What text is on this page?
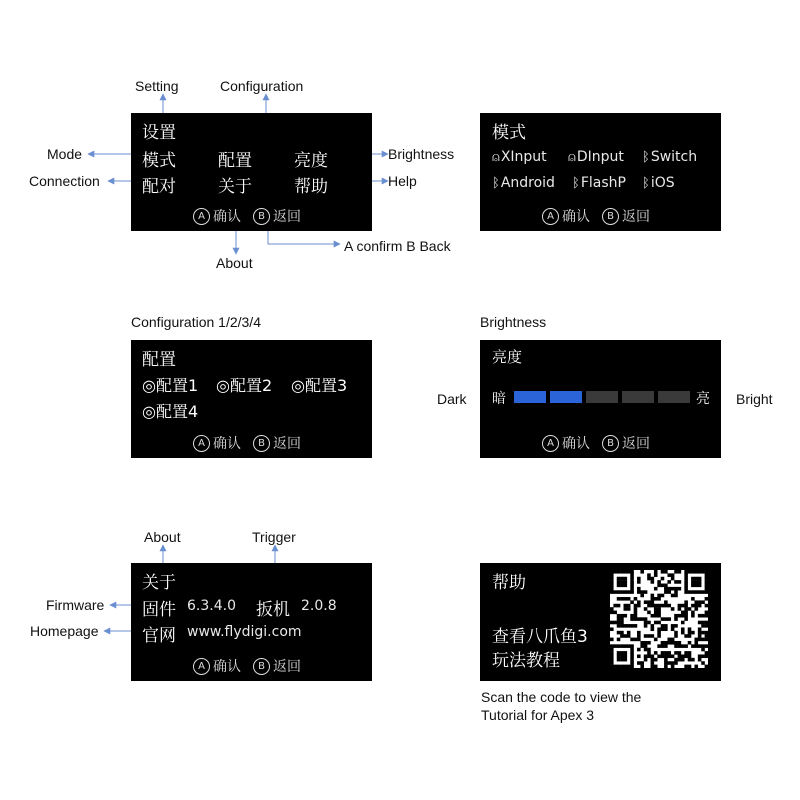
Setting	Configuration
Mode
Connection
Brightness
Help
About
A confirm B Back
设置
模式 配置 亮度
配对 关于 帮助
A 确认	B 返回
模式
⍝XInput ⍝DInput ᛒSwitch
ᛒAndroid ᛒFlashP ᛒiOS
A 确认	B 返回
Configuration 1/2/3/4
配置
◎配置1 ◎配置2 ◎配置3
◎配置4
A 确认	B 返回
Brightness
Dark	Bright
亮度
暗	亮
A 确认	B 返回
About	Trigger
Firmware
Homepage
关于
固件 6.3.4.0 扳机 2.0.8
官网 www.flydigi.com
A 确认	B 返回
帮助
查看八爪鱼3
玩法教程
Scan the code to view the
Tutorial for Apex 3
